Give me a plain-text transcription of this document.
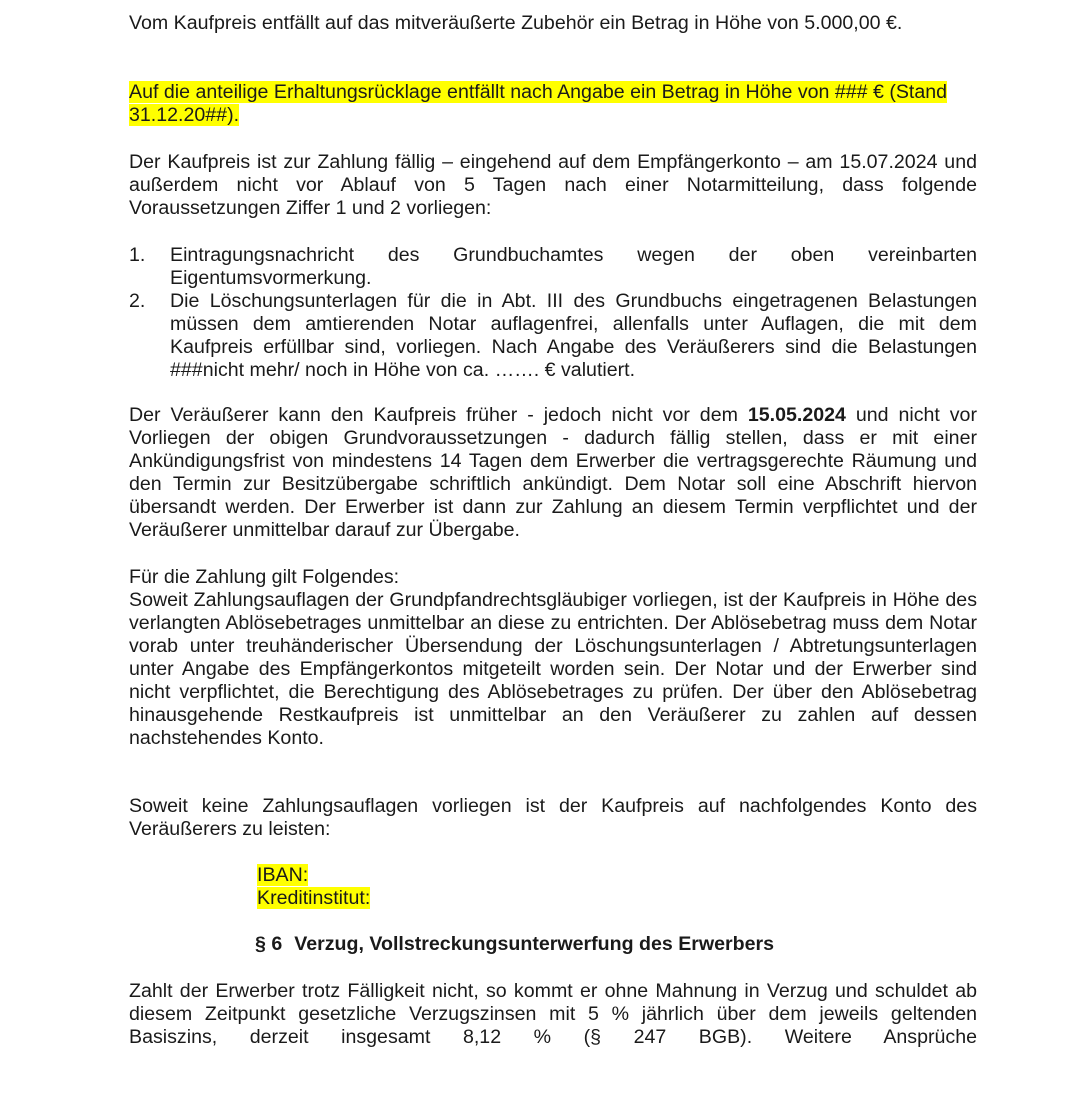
Vom Kaufpreis entfällt auf das mitveräußerte Zubehör ein Betrag in Höhe von 5.000,00 €.

Auf die anteilige Erhaltungsrücklage entfällt nach Angabe ein Betrag in Höhe von ### € (Stand 31.12.20##).

Der Kaufpreis ist zur Zahlung fällig – eingehend auf dem Empfängerkonto – am 15.07.2024 und außerdem nicht vor Ablauf von 5 Tagen nach einer Notarmitteilung, dass folgende Voraussetzungen Ziffer 1 und 2 vorliegen:

1. Eintragungsnachricht des Grundbuchamtes wegen der oben vereinbarten Eigentumsvormerkung.
2. Die Löschungsunterlagen für die in Abt. III des Grundbuchs eingetragenen Belastungen müssen dem amtierenden Notar auflagenfrei, allenfalls unter Auflagen, die mit dem Kaufpreis erfüllbar sind, vorliegen. Nach Angabe des Veräußerers sind die Belastungen ###nicht mehr/ noch in Höhe von ca. ……. € valutiert.

Der Veräußerer kann den Kaufpreis früher - jedoch nicht vor dem 15.05.2024 und nicht vor Vorliegen der obigen Grundvoraussetzungen - dadurch fällig stellen, dass er mit einer Ankündigungsfrist von mindestens 14 Tagen dem Erwerber die vertragsgerechte Räumung und den Termin zur Besitzübergabe schriftlich ankündigt. Dem Notar soll eine Abschrift hiervon übersandt werden. Der Erwerber ist dann zur Zahlung an diesem Termin verpflichtet und der Veräußerer unmittelbar darauf zur Übergabe.

Für die Zahlung gilt Folgendes:

Soweit Zahlungsauflagen der Grundpfandrechtsgläubiger vorliegen, ist der Kaufpreis in Höhe des verlangten Ablösebetrages unmittelbar an diese zu entrichten. Der Ablösebetrag muss dem Notar vorab unter treuhänderischer Übersendung der Löschungsunterlagen / Abtretungsunterlagen unter Angabe des Empfängerkontos mitgeteilt worden sein. Der Notar und der Erwerber sind nicht verpflichtet, die Berechtigung des Ablösebetrages zu prüfen. Der über den Ablösebetrag hinausgehende Restkaufpreis ist unmittelbar an den Veräußerer zu zahlen auf dessen nachstehendes Konto.

Soweit keine Zahlungsauflagen vorliegen ist der Kaufpreis auf nachfolgendes Konto des Veräußerers zu leisten:

IBAN:
Kreditinstitut:
§ 6 Verzug, Vollstreckungsunterwerfung des Erwerbers

Zahlt der Erwerber trotz Fälligkeit nicht, so kommt er ohne Mahnung in Verzug und schuldet ab diesem Zeitpunkt gesetzliche Verzugszinsen mit 5 % jährlich über dem jeweils geltenden Basiszins, derzeit insgesamt 8,12 % (§ 247 BGB). Weitere Ansprüche
